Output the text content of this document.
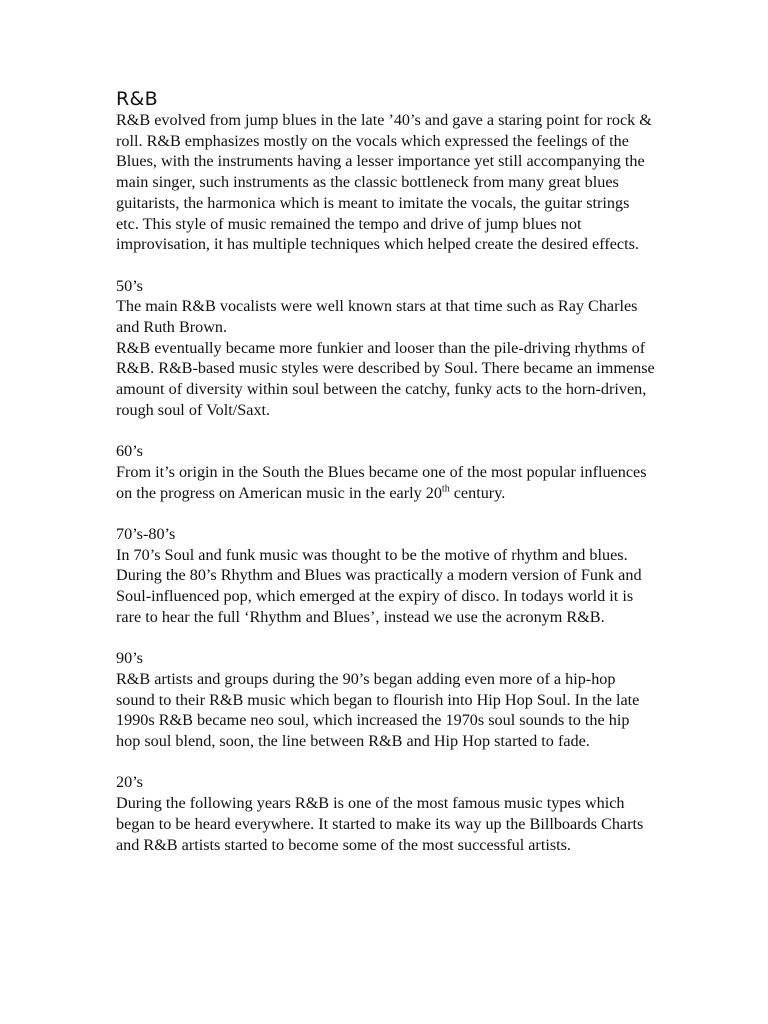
R&B

R&B evolved from jump blues in the late ’40’s and gave a staring point for rock & roll. R&B emphasizes mostly on the vocals which expressed the feelings of the Blues, with the instruments having a lesser importance yet still accompanying the main singer, such instruments as the classic bottleneck from many great blues guitarists, the harmonica which is meant to imitate the vocals, the guitar strings etc. This style of music remained the tempo and drive of jump blues not improvisation, it has multiple techniques which helped create the desired effects.

50’s

The main R&B vocalists were well known stars at that time such as Ray Charles and Ruth Brown.

R&B eventually became more funkier and looser than the pile-driving rhythms of R&B. R&B-based music styles were described by Soul. There became an immense amount of diversity within soul between the catchy, funky acts to the horn-driven, rough soul of Volt/Saxt.

60’s

From it’s origin in the South the Blues became one of the most popular influences on the progress on American music in the early 20th century.

70’s-80’s

In 70’s Soul and funk music was thought to be the motive of rhythm and blues. During the 80’s Rhythm and Blues was practically a modern version of Funk and Soul-influenced pop, which emerged at the expiry of disco. In todays world it is rare to hear the full ‘Rhythm and Blues’, instead we use the acronym R&B.

90’s

R&B artists and groups during the 90’s began adding even more of a hip-hop sound to their R&B music which began to flourish into Hip Hop Soul. In the late 1990s R&B became neo soul, which increased the 1970s soul sounds to the hip hop soul blend, soon, the line between R&B and Hip Hop started to fade.

20’s

During the following years R&B is one of the most famous music types which began to be heard everywhere. It started to make its way up the Billboards Charts and R&B artists started to become some of the most successful artists.
